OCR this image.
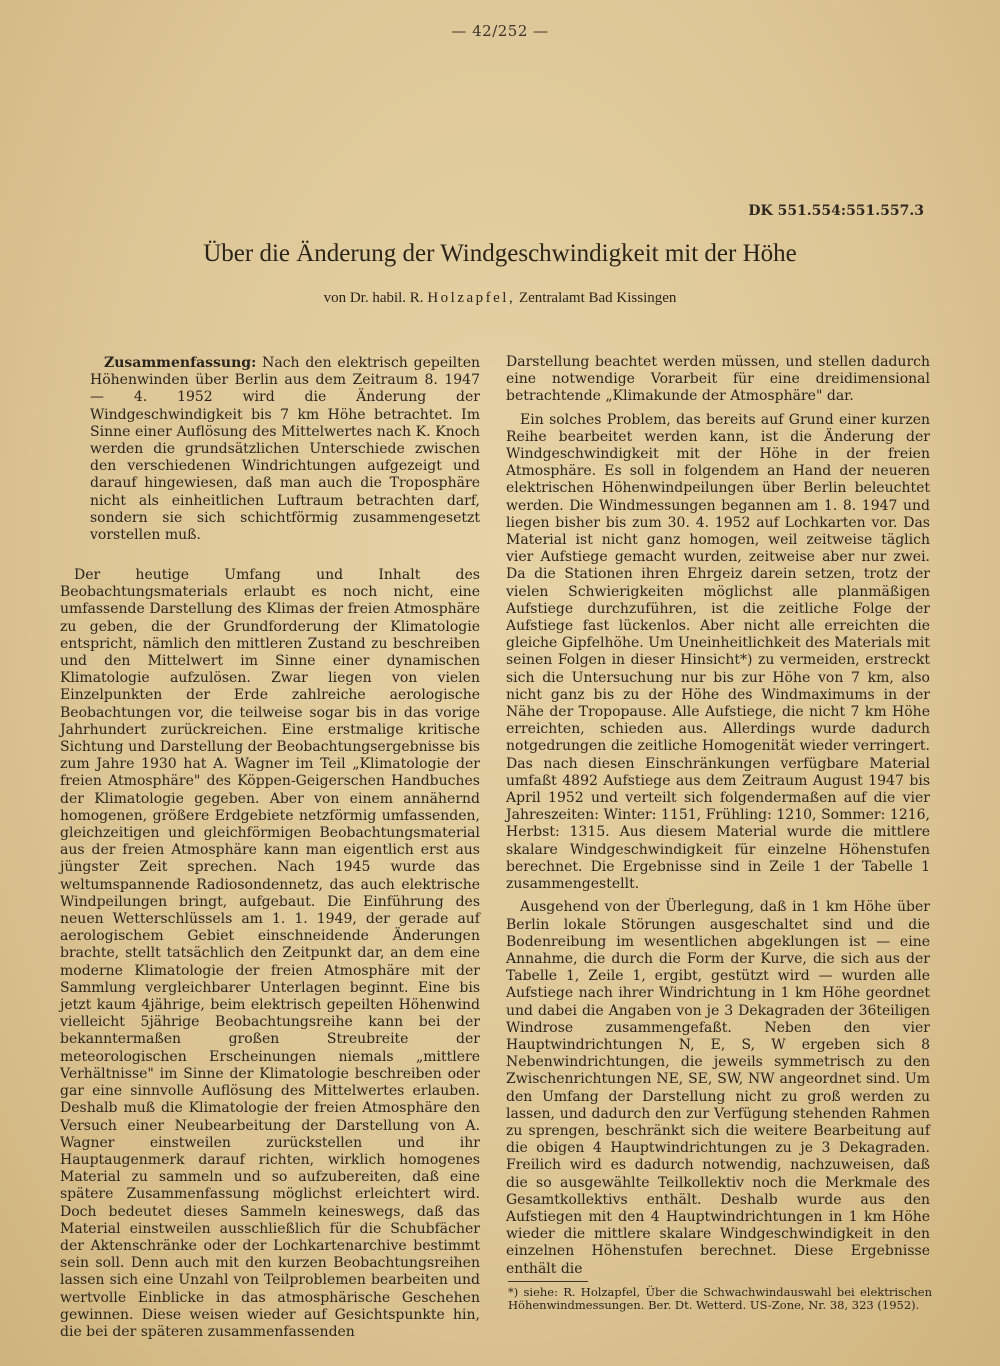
— 42/252 —
DK 551.554:551.557.3
Über die Änderung der Windgeschwindigkeit mit der Höhe
von Dr. habil. R. Holzapfel, Zentralamt Bad Kissingen

Zusammenfassung: Nach den elektrisch gepeilten Höhenwinden über Berlin aus dem Zeitraum 8. 1947 — 4. 1952 wird die Änderung der Windgeschwindigkeit bis 7 km Höhe betrachtet. Im Sinne einer Auflösung des Mittelwertes nach K. Knoch werden die grundsätzlichen Unterschiede zwischen den verschiedenen Windrichtungen aufgezeigt und darauf hingewiesen, daß man auch die Troposphäre nicht als einheitlichen Luftraum betrachten darf, sondern sie sich schichtförmig zusammengesetzt vorstellen muß.

Der heutige Umfang und Inhalt des Beobachtungsmaterials erlaubt es noch nicht, eine umfassende Darstellung des Klimas der freien Atmosphäre zu geben, die der Grundforderung der Klimatologie entspricht, nämlich den mittleren Zustand zu beschreiben und den Mittelwert im Sinne einer dynamischen Klimatologie aufzulösen. Zwar liegen von vielen Einzelpunkten der Erde zahlreiche aerologische Beobachtungen vor, die teilweise sogar bis in das vorige Jahrhundert zurückreichen. Eine erstmalige kritische Sichtung und Darstellung der Beobachtungsergebnisse bis zum Jahre 1930 hat A. Wagner im Teil „Klimatologie der freien Atmosphäre" des Köppen-Geigerschen Handbuches der Klimatologie gegeben. Aber von einem annähernd homogenen, größere Erdgebiete netzförmig umfassenden, gleichzeitigen und gleichförmigen Beobachtungsmaterial aus der freien Atmosphäre kann man eigentlich erst aus jüngster Zeit sprechen. Nach 1945 wurde das weltumspannende Radiosondennetz, das auch elektrische Windpeilungen bringt, aufgebaut. Die Einführung des neuen Wetterschlüssels am 1. 1. 1949, der gerade auf aerologischem Gebiet einschneidende Änderungen brachte, stellt tatsächlich den Zeitpunkt dar, an dem eine moderne Klimatologie der freien Atmosphäre mit der Sammlung vergleichbarer Unterlagen beginnt. Eine bis jetzt kaum 4jährige, beim elektrisch gepeilten Höhenwind vielleicht 5jährige Beobachtungsreihe kann bei der bekanntermaßen großen Streubreite der meteorologischen Erscheinungen niemals „mittlere Verhältnisse" im Sinne der Klimatologie beschreiben oder gar eine sinnvolle Auflösung des Mittelwertes erlauben. Deshalb muß die Klimatologie der freien Atmosphäre den Versuch einer Neubearbeitung der Darstellung von A. Wagner einstweilen zurückstellen und ihr Hauptaugenmerk darauf richten, wirklich homogenes Material zu sammeln und so aufzubereiten, daß eine spätere Zusammenfassung möglichst erleichtert wird. Doch bedeutet dieses Sammeln keineswegs, daß das Material einstweilen ausschließlich für die Schubfächer der Aktenschränke oder der Lochkartenarchive bestimmt sein soll. Denn auch mit den kurzen Beobachtungsreihen lassen sich eine Unzahl von Teilproblemen bearbeiten und wertvolle Einblicke in das atmosphärische Geschehen gewinnen. Diese weisen wieder auf Gesichtspunkte hin, die bei der späteren zusammenfassenden

Darstellung beachtet werden müssen, und stellen dadurch eine notwendige Vorarbeit für eine dreidimensional betrachtende „Klimakunde der Atmosphäre" dar.

Ein solches Problem, das bereits auf Grund einer kurzen Reihe bearbeitet werden kann, ist die Änderung der Windgeschwindigkeit mit der Höhe in der freien Atmosphäre. Es soll in folgendem an Hand der neueren elektrischen Höhenwindpeilungen über Berlin beleuchtet werden. Die Windmessungen begannen am 1. 8. 1947 und liegen bisher bis zum 30. 4. 1952 auf Lochkarten vor. Das Material ist nicht ganz homogen, weil zeitweise täglich vier Aufstiege gemacht wurden, zeitweise aber nur zwei. Da die Stationen ihren Ehrgeiz darein setzen, trotz der vielen Schwierigkeiten möglichst alle planmäßigen Aufstiege durchzuführen, ist die zeitliche Folge der Aufstiege fast lückenlos. Aber nicht alle erreichten die gleiche Gipfelhöhe. Um Uneinheitlichkeit des Materials mit seinen Folgen in dieser Hinsicht*) zu vermeiden, erstreckt sich die Untersuchung nur bis zur Höhe von 7 km, also nicht ganz bis zu der Höhe des Windmaximums in der Nähe der Tropopause. Alle Aufstiege, die nicht 7 km Höhe erreichten, schieden aus. Allerdings wurde dadurch notgedrungen die zeitliche Homogenität wieder verringert. Das nach diesen Einschränkungen verfügbare Material umfaßt 4892 Aufstiege aus dem Zeitraum August 1947 bis April 1952 und verteilt sich folgendermaßen auf die vier Jahreszeiten: Winter: 1151, Frühling: 1210, Sommer: 1216, Herbst: 1315. Aus diesem Material wurde die mittlere skalare Windgeschwindigkeit für einzelne Höhenstufen berechnet. Die Ergebnisse sind in Zeile 1 der Tabelle 1 zusammengestellt.

Ausgehend von der Überlegung, daß in 1 km Höhe über Berlin lokale Störungen ausgeschaltet sind und die Bodenreibung im wesentlichen abgeklungen ist — eine Annahme, die durch die Form der Kurve, die sich aus der Tabelle 1, Zeile 1, ergibt, gestützt wird — wurden alle Aufstiege nach ihrer Windrichtung in 1 km Höhe geordnet und dabei die Angaben von je 3 Dekagraden der 36teiligen Windrose zusammengefaßt. Neben den vier Hauptwindrichtungen N, E, S, W ergeben sich 8 Nebenwindrichtungen, die jeweils symmetrisch zu den Zwischenrichtungen NE, SE, SW, NW angeordnet sind. Um den Umfang der Darstellung nicht zu groß werden zu lassen, und dadurch den zur Verfügung stehenden Rahmen zu sprengen, beschränkt sich die weitere Bearbeitung auf die obigen 4 Hauptwindrichtungen zu je 3 Dekagraden. Freilich wird es dadurch notwendig, nachzuweisen, daß die so ausgewählte Teilkollektiv noch die Merkmale des Gesamtkollektivs enthält. Deshalb wurde aus den Aufstiegen mit den 4 Hauptwindrichtungen in 1 km Höhe wieder die mittlere skalare Windgeschwindigkeit in den einzelnen Höhenstufen berechnet. Diese Ergebnisse enthält die

*) siehe: R. Holzapfel, Über die Schwachwindauswahl bei elektrischen Höhenwindmessungen. Ber. Dt. Wetterd. US-Zone, Nr. 38, 323 (1952).
